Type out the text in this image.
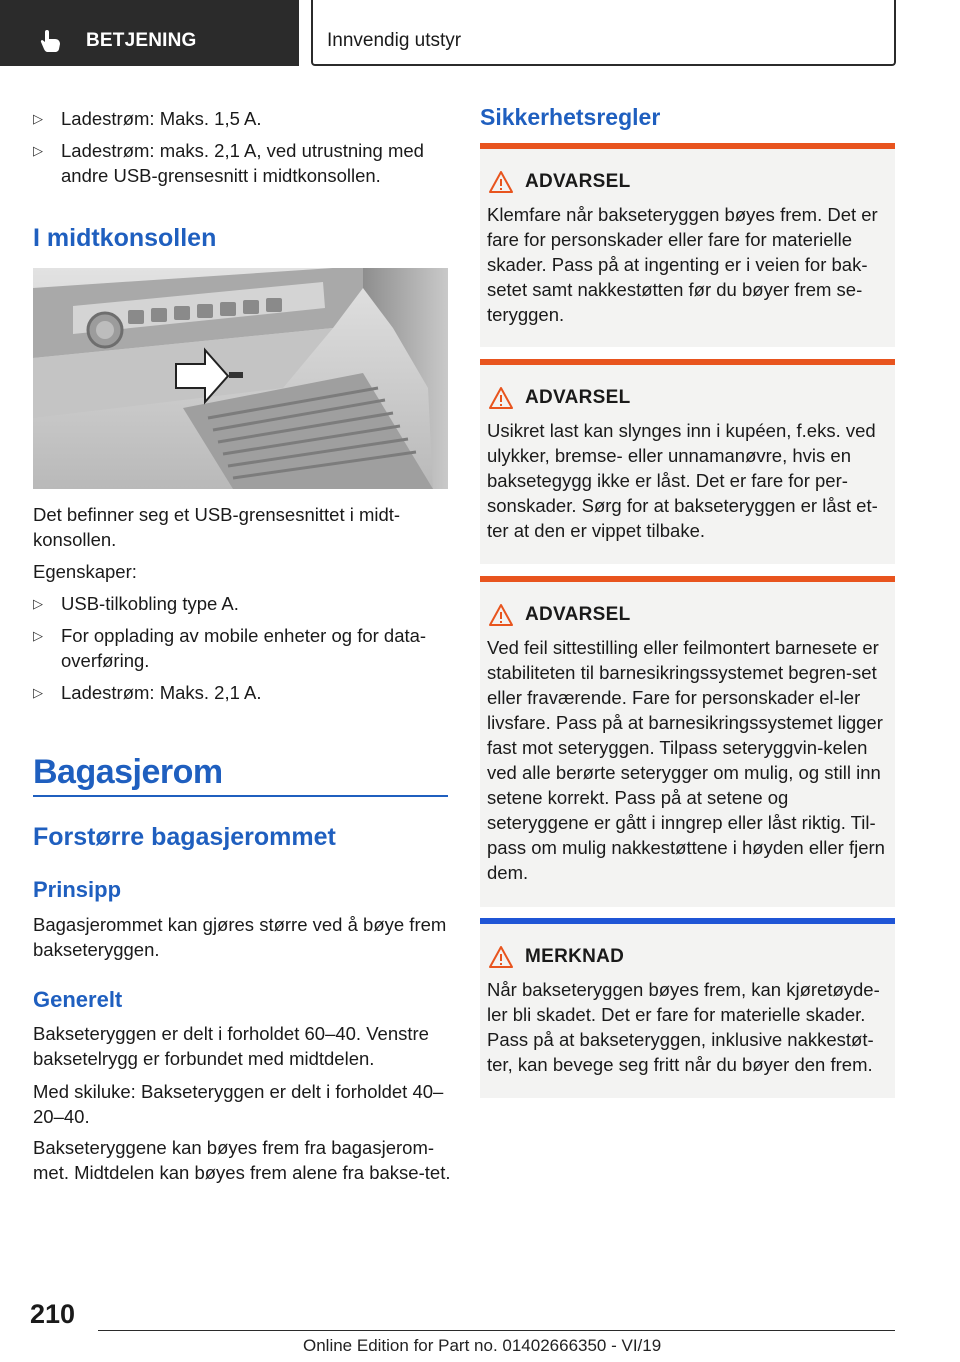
BETJENING	Innvendig utstyr
▷ Ladestrøm: Maks. 1,5 A.
▷ Ladestrøm: maks. 2,1 A, ved utrustning med andre USB-grensesnitt i midtkonsollen.
I midtkonsollen
Det befinner seg et USB-grensesnittet i midt-konsollen.
Egenskaper:
▷ USB-tilkobling type A.
▷ For opplading av mobile enheter og for data-overføring.
▷ Ladestrøm: Maks. 2,1 A.
Bagasjerom
Forstørre bagasjerommet
Prinsipp
Bagasjerommet kan gjøres større ved å bøye frem bakseteryggen.
Generelt
Bakseteryggen er delt i forholdet 60–40. Venstre baksetelrygg er forbundet med midtdelen.
Med skiluke: Bakseteryggen er delt i forholdet 40–20–40.
Bakseteryggene kan bøyes frem fra bagasjerom-met. Midtdelen kan bøyes frem alene fra bakse-tet.
Sikkerhetsregler
ADVARSEL
Klemfare når bakseteryggen bøyes frem. Det er fare for personskader eller fare for materielle skader. Pass på at ingenting er i veien for bak-setet samt nakkestøtten før du bøyer frem se-teryggen.
ADVARSEL
Usikret last kan slynges inn i kupéen, f.eks. ved ulykker, bremse- eller unnamanøvre, hvis en baksetegygg ikke er låst. Det er fare for per-sonskader. Sørg for at bakseteryggen er låst et-ter at den er vippet tilbake.
ADVARSEL
Ved feil sittestilling eller feilmontert barnesete er stabiliteten til barnesikringssystemet begren-set eller fraværende. Fare for personskader el-ler livsfare. Pass på at barnesikringssystemet ligger fast mot seteryggen. Tilpass seteryggvin-kelen ved alle berørte seterygger om mulig, og still inn setene korrekt. Pass på at setene og seteryggene er gått i inngrep eller låst riktig. Til-pass om mulig nakkestøttene i høyden eller fjern dem.
MERKNAD
Når bakseteryggen bøyes frem, kan kjøretøyde-ler bli skadet. Det er fare for materielle skader. Pass på at bakseteryggen, inklusive nakkestøt-ter, kan bevege seg fritt når du bøyer den frem.
210
Online Edition for Part no. 01402666350 - VI/19
